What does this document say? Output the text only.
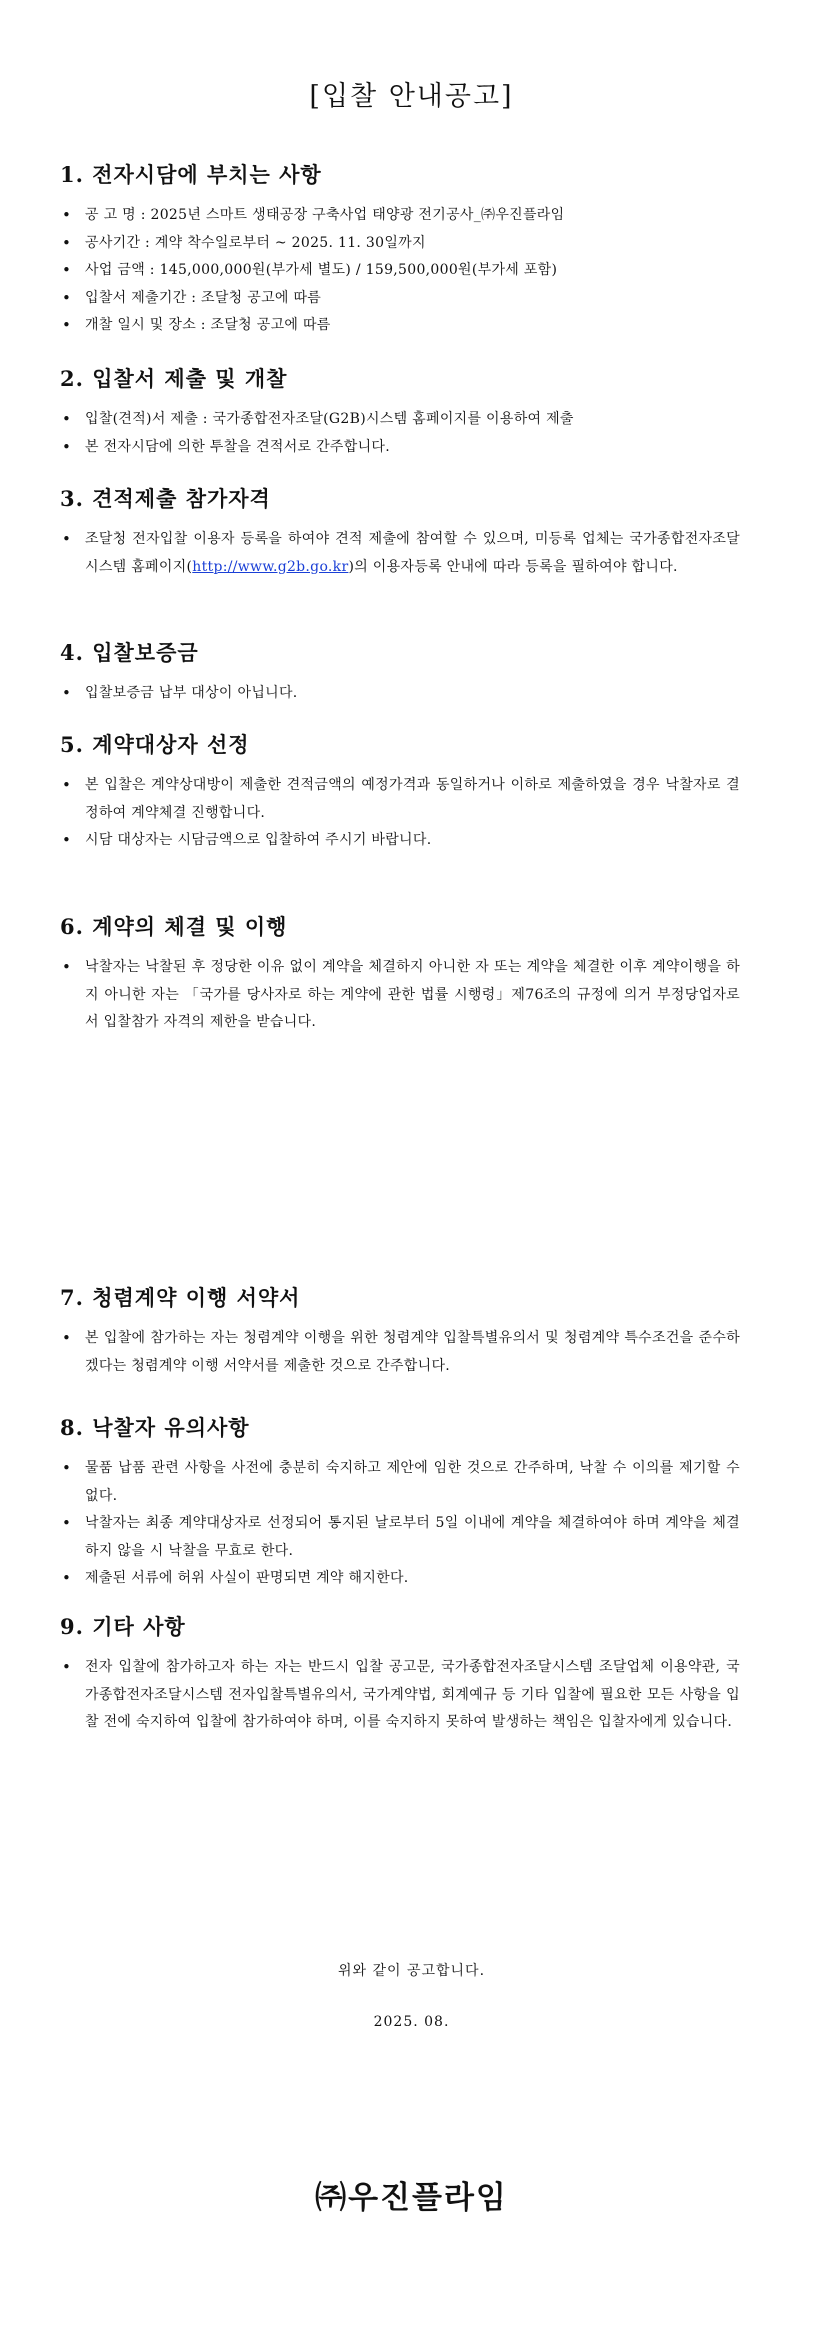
[입찰 안내공고]
1. 전자시담에 부치는 사항
• 공 고 명 : 2025년 스마트 생태공장 구축사업 태양광 전기공사_㈜우진플라임
• 공사기간 : 계약 착수일로부터 ~ 2025. 11. 30일까지
• 사업 금액 : 145,000,000원(부가세 별도) / 159,500,000원(부가세 포함)
• 입찰서 제출기간 : 조달청 공고에 따름
• 개찰 일시 및 장소 : 조달청 공고에 따름
2. 입찰서 제출 및 개찰
• 입찰(견적)서 제출 : 국가종합전자조달(G2B)시스템 홈페이지를 이용하여 제출
• 본 전자시담에 의한 투찰을 견적서로 간주합니다.
3. 견적제출 참가자격
• 조달청 전자입찰 이용자 등록을 하여야 견적 제출에 참여할 수 있으며, 미등록 업체는 국가종합전자조달시스템 홈페이지(http://www.g2b.go.kr)의 이용자등록 안내에 따라 등록을 필하여야 합니다.
4. 입찰보증금
• 입찰보증금 납부 대상이 아닙니다.
5. 계약대상자 선정
• 본 입찰은 계약상대방이 제출한 견적금액의 예정가격과 동일하거나 이하로 제출하였을 경우 낙찰자로 결정하여 계약체결 진행합니다.
• 시담 대상자는 시담금액으로 입찰하여 주시기 바랍니다.
6. 계약의 체결 및 이행
• 낙찰자는 낙찰된 후 정당한 이유 없이 계약을 체결하지 아니한 자 또는 계약을 체결한 이후 계약이행을 하지 아니한 자는 「국가를 당사자로 하는 계약에 관한 법률 시행령」제76조의 규정에 의거 부정당업자로서 입찰참가 자격의 제한을 받습니다.
7. 청렴계약 이행 서약서
• 본 입찰에 참가하는 자는 청렴계약 이행을 위한 청렴계약 입찰특별유의서 및 청렴계약 특수조건을 준수하겠다는 청렴계약 이행 서약서를 제출한 것으로 간주합니다.
8. 낙찰자 유의사항
• 물품 납품 관련 사항을 사전에 충분히 숙지하고 제안에 임한 것으로 간주하며, 낙찰 수 이의를 제기할 수 없다.
• 낙찰자는 최종 계약대상자로 선정되어 통지된 날로부터 5일 이내에 계약을 체결하여야 하며 계약을 체결하지 않을 시 낙찰을 무효로 한다.
• 제출된 서류에 허위 사실이 판명되면 계약 해지한다.
9. 기타 사항
• 전자 입찰에 참가하고자 하는 자는 반드시 입찰 공고문, 국가종합전자조달시스템 조달업체 이용약관, 국가종합전자조달시스템 전자입찰특별유의서, 국가계약법, 회계예규 등 기타 입찰에 필요한 모든 사항을 입찰 전에 숙지하여 입찰에 참가하여야 하며, 이를 숙지하지 못하여 발생하는 책임은 입찰자에게 있습니다.
위와 같이 공고합니다.
2025. 08.
㈜우진플라임
